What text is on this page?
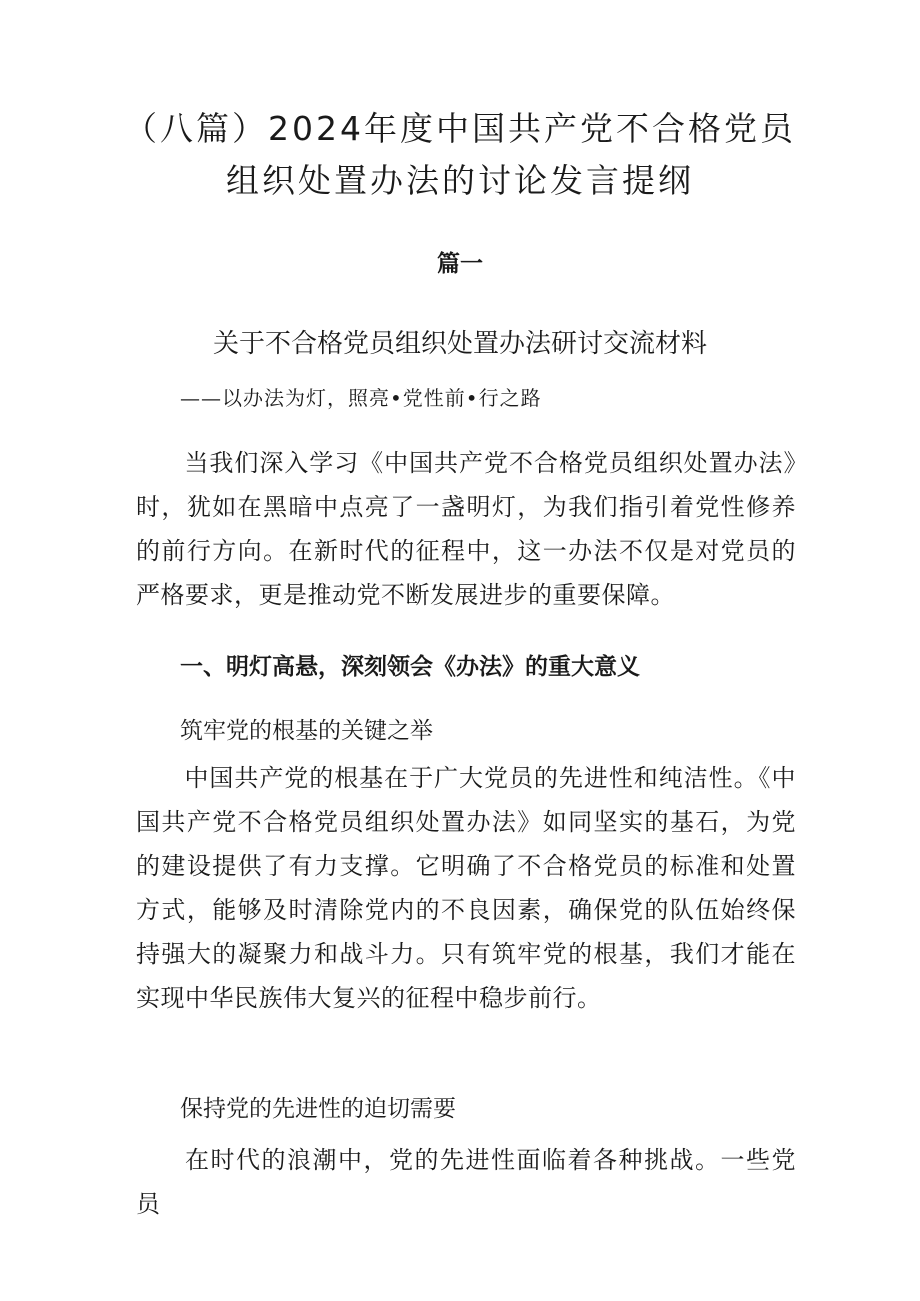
（八篇）2024年度中国共产党不合格党员
组织处置办法的讨论发言提纲
篇一
关于不合格党员组织处置办法研讨交流材料
——以办法为灯，照亮•党性前•行之路

当我们深入学习《中国共产党不合格党员组织处置办法》时，犹如在黑暗中点亮了一盏明灯，为我们指引着党性修养的前行方向。在新时代的征程中，这一办法不仅是对党员的严格要求，更是推动党不断发展进步的重要保障。

一、明灯高悬，深刻领会《办法》的重大意义
筑牢党的根基的关键之举

中国共产党的根基在于广大党员的先进性和纯洁性。《中国共产党不合格党员组织处置办法》如同坚实的基石，为党的建设提供了有力支撑。它明确了不合格党员的标准和处置方式，能够及时清除党内的不良因素，确保党的队伍始终保持强大的凝聚力和战斗力。只有筑牢党的根基，我们才能在实现中华民族伟大复兴的征程中稳步前行。

保持党的先进性的迫切需要

在时代的浪潮中，党的先进性面临着各种挑战。一些党员
